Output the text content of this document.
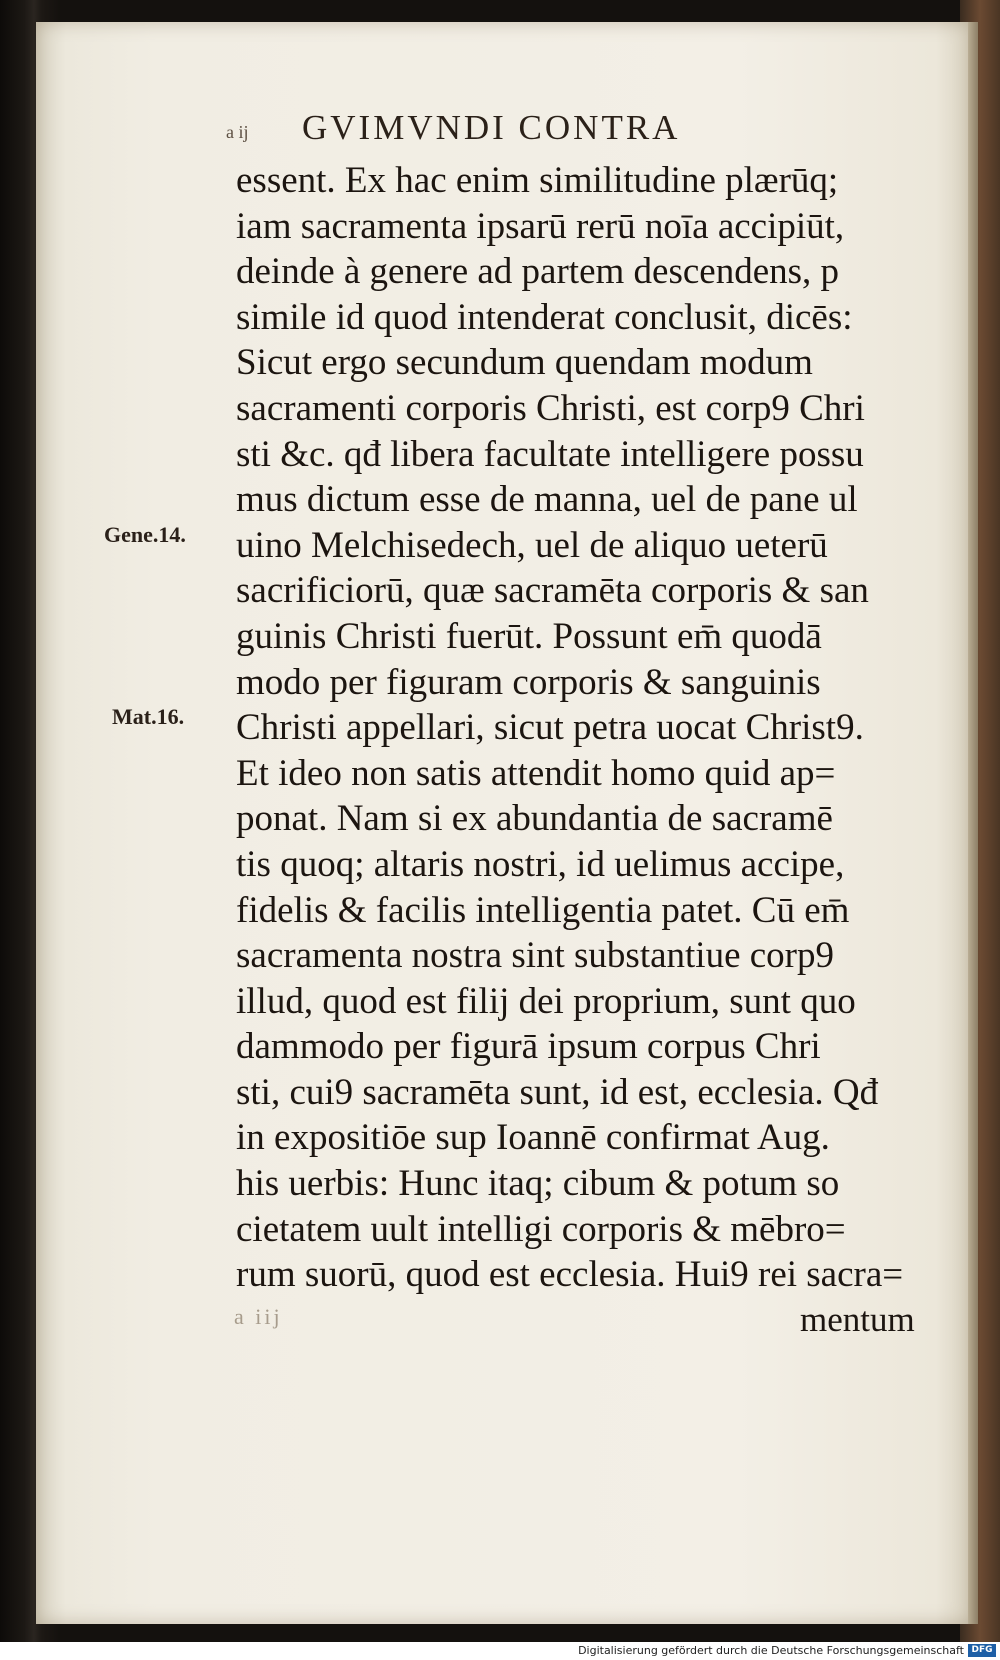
a ij GVIMVNDI CONTRA
Gene.14.
Mat.16.
essent. Ex hac enim similitudine plærūq;
iam sacramenta ipsarū rerū noīa accipiūt,
deinde à genere ad partem descendens, p
simile id quod intenderat conclusit, dicēs:
Sicut ergo secundum quendam modum
sacramenti corporis Christi, est corp9 Chri
sti &c. qđ libera facultate intelligere possu
mus dictum esse de manna, uel de pane ul
uino Melchisedech, uel de aliquo ueterū
sacrificiorū, quæ sacramēta corporis & san
guinis Christi fuerūt. Possunt em̄ quodā
modo per figuram corporis & sanguinis
Christi appellari, sicut petra uocat Christ9.
Et ideo non satis attendit homo quid ap=
ponat. Nam si ex abundantia de sacramē
tis quoq; altaris nostri, id uelimus accipe,
fidelis & facilis intelligentia patet. Cū em̄
sacramenta nostra sint substantiue corp9
illud, quod est filij dei proprium, sunt quo
dammodo per figurā ipsum corpus Chri
sti, cui9 sacramēta sunt, id est, ecclesia. Qđ
in expositiōe sup Ioannē confirmat Aug.
his uerbis: Hunc itaq; cibum & potum so
cietatem uult intelligi corporis & mēbro=
rum suorū, quod est ecclesia. Hui9 rei sacra=
a iij	mentum
Digitalisierung gefördert durch die Deutsche Forschungsgemeinschaft DFG
